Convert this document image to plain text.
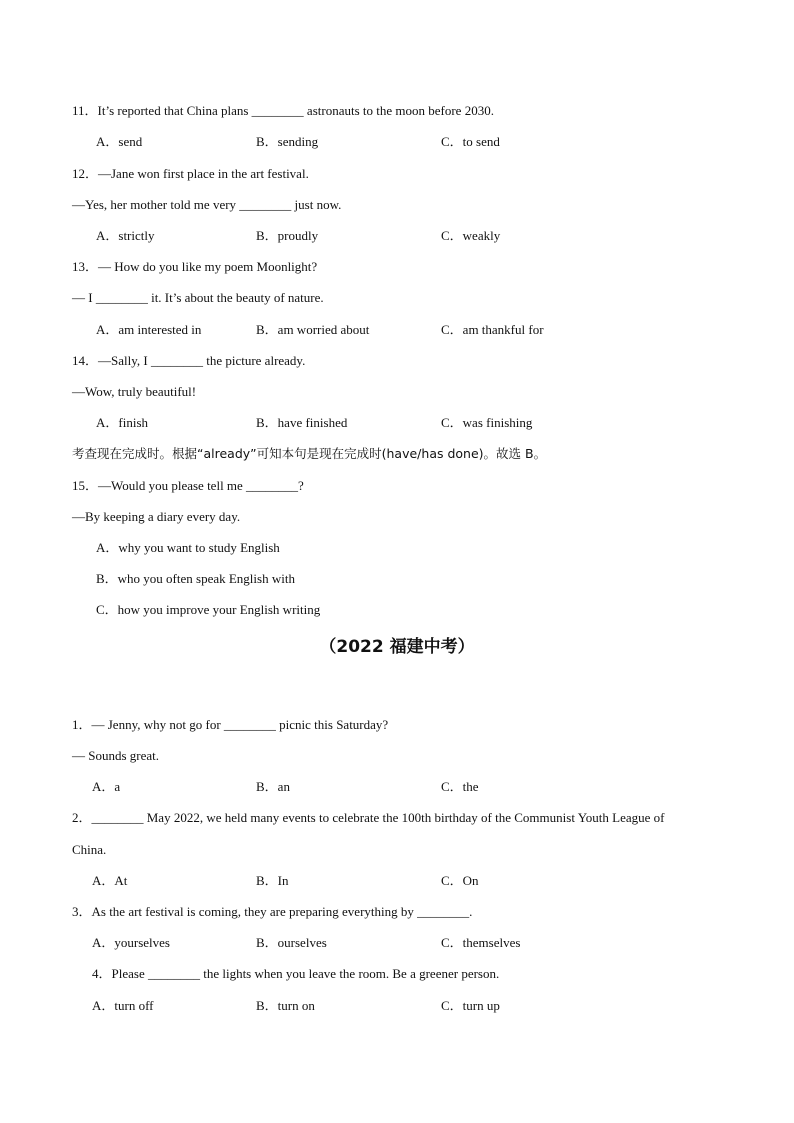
11．It’s reported that China plans ________ astronauts to the moon before 2030.
A．send	B．sending	C．to send
12．—Jane won first place in the art festival.
—Yes, her mother told me very ________ just now.
A．strictly	B．proudly	C．weakly
13．— How do you like my poem Moonlight?
— I ________ it. It’s about the beauty of nature.
A．am interested in	B．am worried about	C．am thankful for
14．—Sally, I ________ the picture already.
—Wow, truly beautiful!
A．finish	B．have finished	C．was finishing
考查现在完成时。根据“already”可知本句是现在完成时(have/has done)。故选 B。
15．—Would you please tell me ________?
—By keeping a diary every day.
A．why you want to study English
B．who you often speak English with
C．how you improve your English writing
（2022 福建中考）
1．— Jenny, why not go for ________ picnic this Saturday?
— Sounds great.
A．a	B．an	C．the
2．________ May 2022, we held many events to celebrate the 100th birthday of the Communist Youth League of
China.
A．At	B．In	C．On
3．As the art festival is coming, they are preparing everything by ________.
A．yourselves	B．ourselves	C．themselves
4．Please ________ the lights when you leave the room. Be a greener person.
A．turn off	B．turn on	C．turn up
